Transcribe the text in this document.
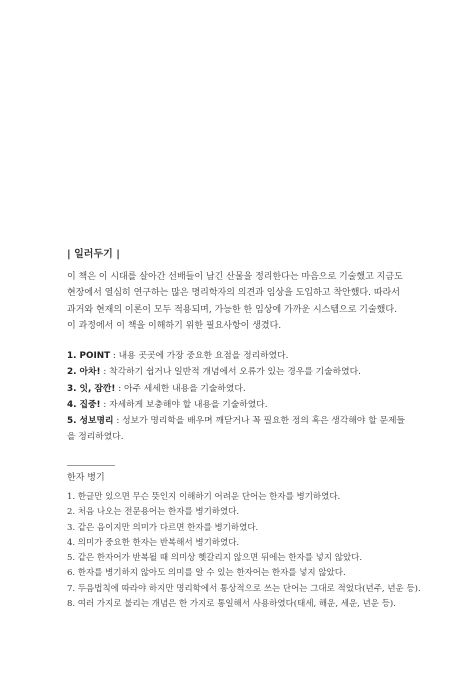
| 일러두기 |
이 책은 이 시대를 살아간 선배들이 남긴 산물을 정리한다는 마음으로 기술했고 지금도 현장에서 열심히 연구하는 많은 명리학자의 의견과 임상을 도입하고 착안했다. 따라서 과거와 현재의 이론이 모두 적용되며, 가능한 한 임상에 가까운 시스템으로 기술했다. 이 과정에서 이 책을 이해하기 위한 필요사항이 생겼다.
1. POINT : 내용 곳곳에 가장 중요한 요점을 정리하였다.
2. 아차! : 착각하기 쉽거나 일반적 개념에서 오류가 있는 경우를 기술하였다.
3. 잇, 잠깐! : 아주 세세한 내용을 기술하였다.
4. 집중! : 자세하게 보충해야 할 내용을 기술하였다.
5. 성보명리 : 성보가 명리학을 배우며 깨닫거나 꼭 필요한 정의 혹은 생각해야 할 문제들을 정리하였다.
한자 병기
1. 한글만 있으면 무슨 뜻인지 이해하기 어려운 단어는 한자를 병기하였다.
2. 처음 나오는 전문용어는 한자를 병기하였다.
3. 같은 음이지만 의미가 다르면 한자를 병기하였다.
4. 의미가 중요한 한자는 반복해서 병기하였다.
5. 같은 한자어가 반복될 때 의미상 헷갈리지 않으면 뒤에는 한자를 넣지 않았다.
6. 한자를 병기하지 않아도 의미를 알 수 있는 한자어는 한자를 넣지 않았다.
7. 두음법칙에 따라야 하지만 명리학에서 통상적으로 쓰는 단어는 그대로 적었다(년주, 년운 등).
8. 여러 가지로 불리는 개념은 한 가지로 통일해서 사용하였다(태세, 해운, 세운, 년운 등).
